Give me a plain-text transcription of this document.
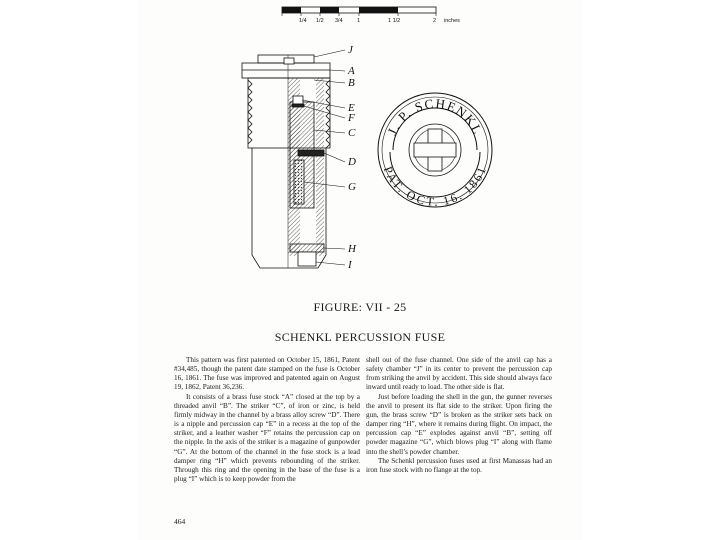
1/4 1/2 3/4	1	1 1/2	2 inches
J
A
B
E
F
C
D
G
H
I
J. P. SCHENKL
PAT. OCT. 16. 1861
FIGURE: VII - 25
SCHENKL PERCUSSION FUSE

This pattern was first patented on October 15, 1861, Patent #34,485, though the patent date stamped on the fuse is October 16, 1861. The fuse was improved and patented again on August 19, 1862, Patent 36,236.

It consists of a brass fuse stock “A” closed at the top by a threaded anvil “B”. The striker “C”, of iron or zinc, is held firmly midway in the channel by a brass alloy screw “D”. There is a nipple and percussion cap “E” in a recess at the top of the striker, and a leather washer “F” retains the percussion cap on the nipple. In the axis of the striker is a magazine of gunpowder “G”. At the bottom of the channel in the fuse stock is a lead damper ring “H” which prevents rebounding of the striker. Through this ring and the opening in the base of the fuse is a plug “I” which is to keep powder from the

shell out of the fuse channel. One side of the anvil cap has a safety chamber “J” in its center to prevent the percussion cap from striking the anvil by accident. This side should always face inward until ready to load. The other side is flat.

Just before loading the shell in the gun, the gunner reverses the anvil to present its flat side to the striker. Upon firing the gun, the brass screw “D” is broken as the striker sets back on damper ring “H”, where it remains during flight. On impact, the percussion cap “E” explodes against anvil “B”, setting off powder magazine “G”, which blows plug “I” along with flame into the shell’s powder chamber.

The Schenkl percussion fuses used at first Manassas had an iron fuse stock with no flange at the top.

464
